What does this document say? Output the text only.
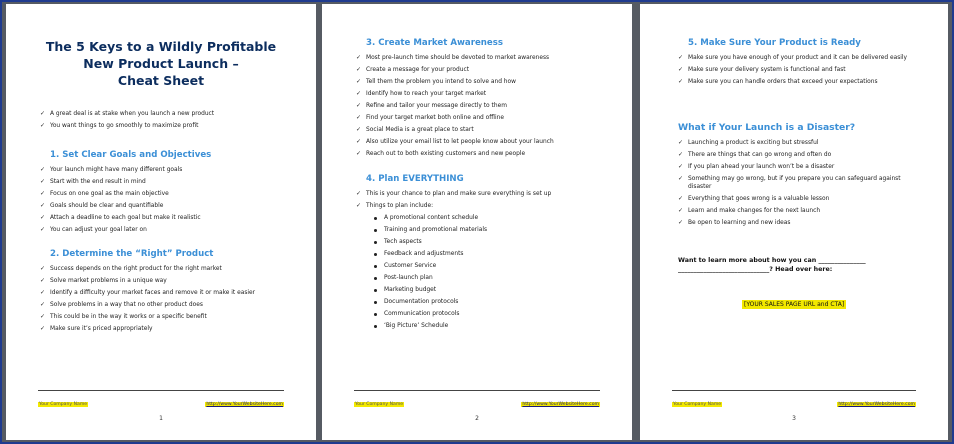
The 5 Keys to a Wildly Profitable
New Product Launch –
Cheat Sheet
✓ A great deal is at stake when you launch a new product
✓ You want things to go smoothly to maximize profit
1. Set Clear Goals and Objectives
✓ Your launch might have many different goals
✓ Start with the end result in mind
✓ Focus on one goal as the main objective
✓ Goals should be clear and quantifiable
✓ Attach a deadline to each goal but make it realistic
✓ You can adjust your goal later on
2. Determine the “Right” Product
✓ Success depends on the right product for the right market
✓ Solve market problems in a unique way
✓ Identify a difficulty your market faces and remove it or make it easier
✓ Solve problems in a way that no other product does
✓ This could be in the way it works or a specific benefit
✓ Make sure it’s priced appropriately
Your Company Name	http://www.YourWebsiteHere.com
1
3. Create Market Awareness
✓ Most pre-launch time should be devoted to market awareness
✓ Create a message for your product
✓ Tell them the problem you intend to solve and how
✓ Identify how to reach your target market
✓ Refine and tailor your message directly to them
✓ Find your target market both online and offline
✓ Social Media is a great place to start
✓ Also utilize your email list to let people know about your launch
✓ Reach out to both existing customers and new people
4. Plan EVERYTHING
✓ This is your chance to plan and make sure everything is set up
✓ Things to plan include:
A promotional content schedule
Training and promotional materials
Tech aspects
Feedback and adjustments
Customer Service
Post-launch plan
Marketing budget
Documentation protocols
Communication protocols
‘Big Picture’ Schedule
Your Company Name	http://www.YourWebsiteHere.com
2
5. Make Sure Your Product is Ready
✓ Make sure you have enough of your product and it can be delivered easily
✓ Make sure your delivery system is functional and fast
✓ Make sure you can handle orders that exceed your expectations
What if Your Launch is a Disaster?
✓ Launching a product is exciting but stressful
✓ There are things that can go wrong and often do
✓ If you plan ahead your launch won’t be a disaster
✓ Something may go wrong, but if you prepare you can safeguard against disaster
✓ Everything that goes wrong is a valuable lesson
✓ Learn and make changes for the next launch
✓ Be open to learning and new ideas
Want to learn more about how you can _______________
_____________________________? Head over here:
[YOUR SALES PAGE URL and CTA]
Your Company Name	http://www.YourWebsiteHere.com
3
